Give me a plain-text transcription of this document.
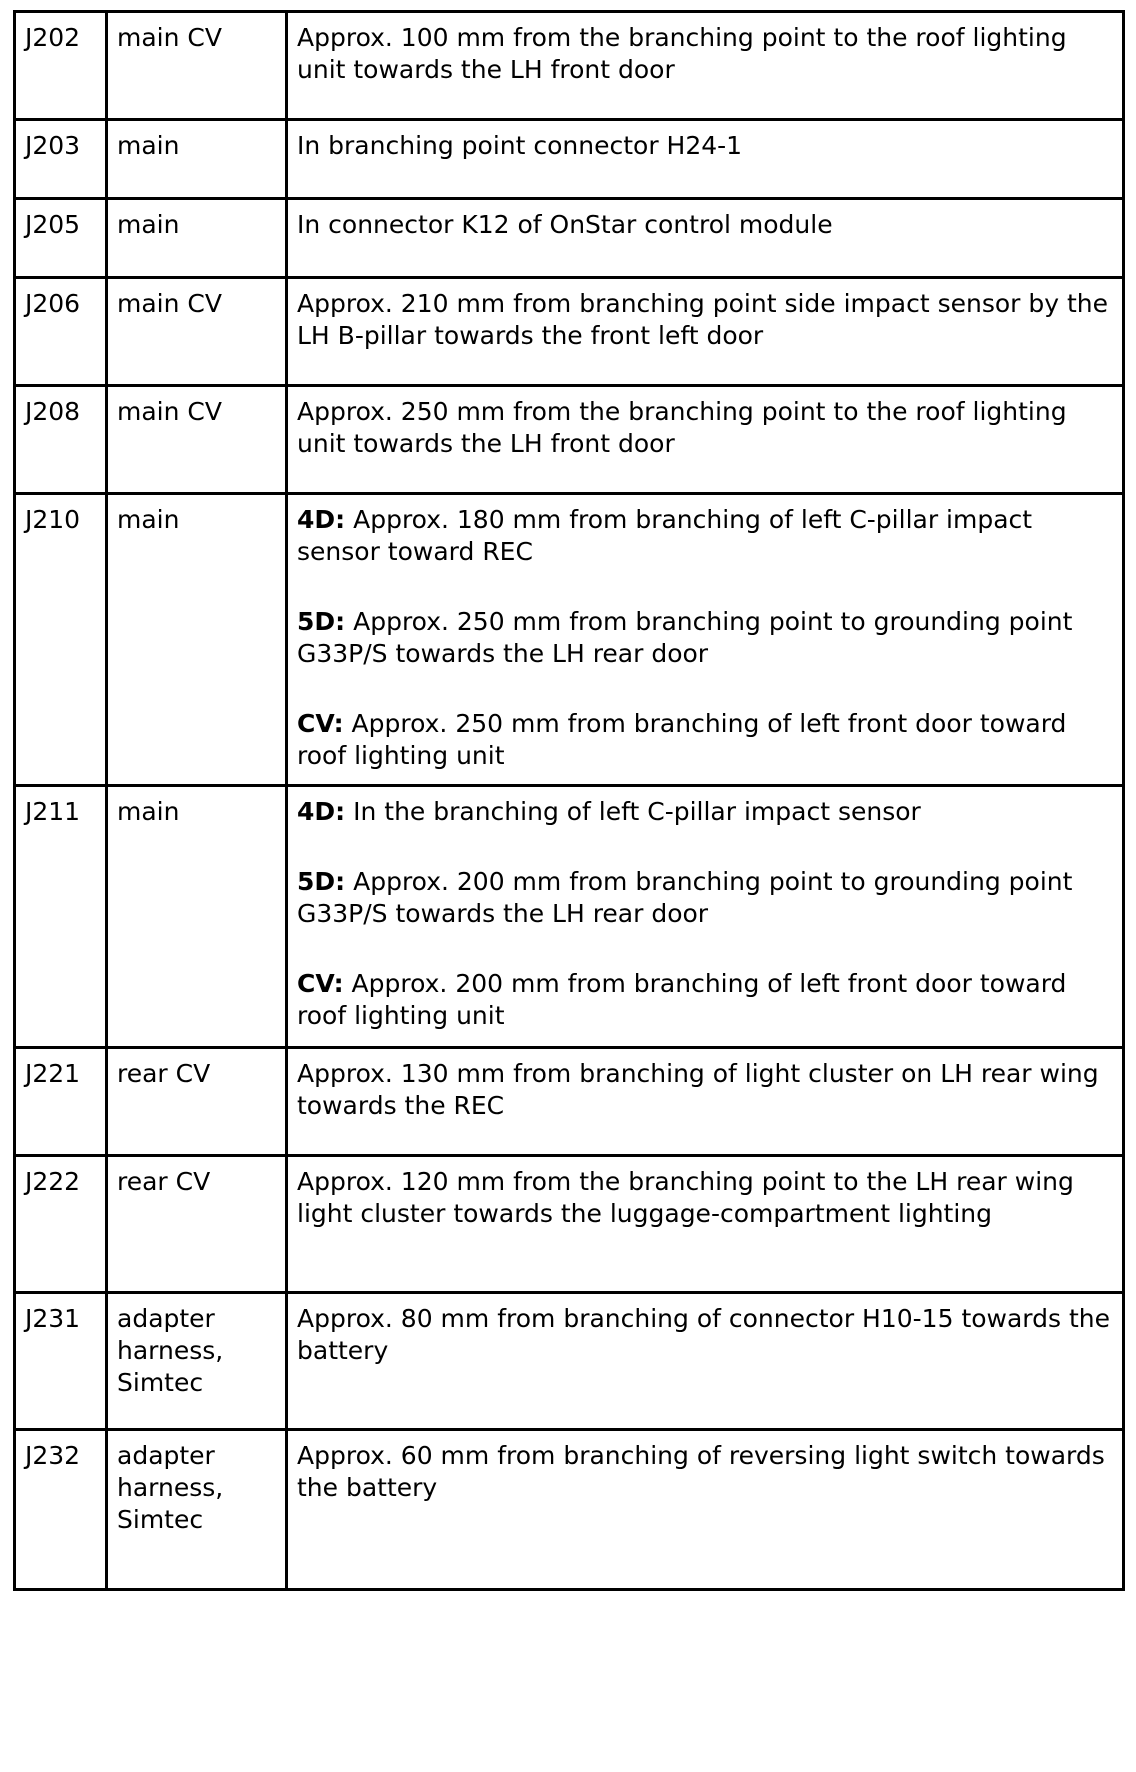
J202	main CV	Approx. 100 mm from the branching point to the roof lighting unit towards the LH front door

J203	main	In branching point connector H24-1

J205	main	In connector K12 of OnStar control module

J206	main CV	Approx. 210 mm from branching point side impact sensor by the LH B-pillar towards the front left door

J208	main CV	Approx. 250 mm from the branching point to the roof lighting unit towards the LH front door

J210	main	4D: Approx. 180 mm from branching of left C-pillar impact sensor toward REC
5D: Approx. 250 mm from branching point to grounding point G33P/S towards the LH rear door
CV: Approx. 250 mm from branching of left front door toward roof lighting unit

J211	main	4D: In the branching of left C-pillar impact sensor
5D: Approx. 200 mm from branching point to grounding point G33P/S towards the LH rear door
CV: Approx. 200 mm from branching of left front door toward roof lighting unit

J221	rear CV	Approx. 130 mm from branching of light cluster on LH rear wing towards the REC

J222	rear CV	Approx. 120 mm from the branching point to the LH rear wing light cluster towards the luggage-compartment lighting

J231	adapter harness, Simtec	Approx. 80 mm from branching of connector H10-15 towards the battery

J232	adapter harness, Simtec	Approx. 60 mm from branching of reversing light switch towards the battery
